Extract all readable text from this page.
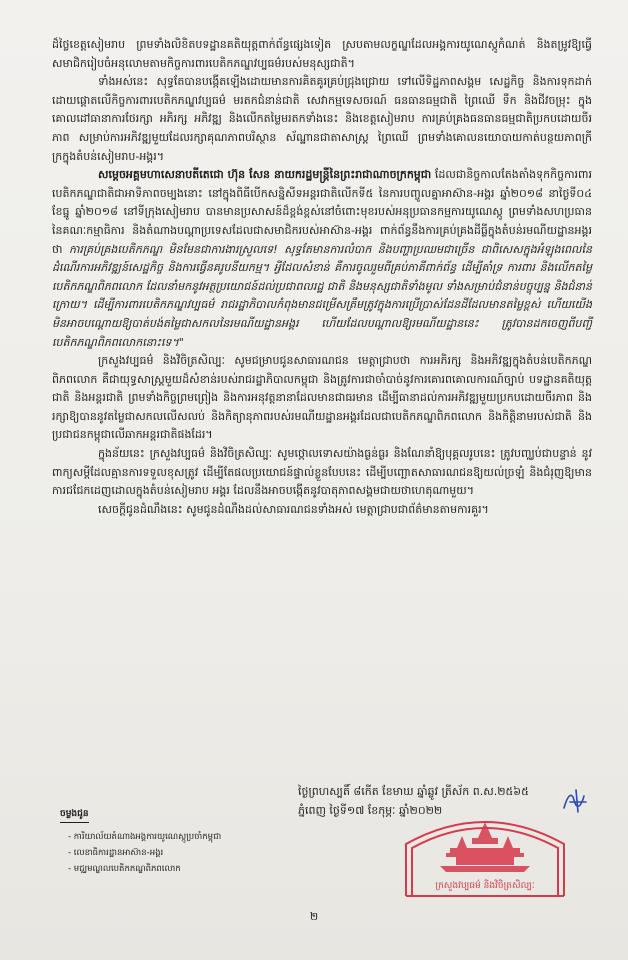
ដ៏ថ្លៃខេត្តសៀមរាប ព្រមទាំងលិខិតបទដ្ឋានគតិយុត្តពាក់ព័ន្ធផ្សេងទៀត ស្របតាមលក្ខណ្ឌដែលអង្គការយូណេស្កូកំណត់ និងតម្រូវឱ្យធ្វើសមាជិករៀបចំអនុលោមតាមកិច្ចការពារបេតិកភណ្ឌវប្បធម៌របស់មនុស្សជាតិ។

ទាំងអស់នេះ សុទ្ធតែបានបង្កើតឡើងដោយមានការគិតគូរគ្រប់ជ្រុងជ្រោយ ទៅលើទិដ្ឋភាពសង្គម សេដ្ឋកិច្ច និងការទុកដាក់ដោយផ្ដោតលើកិច្ចការពារបេតិកភណ្ឌវប្បធម៌ មរតកជំនាន់ជាតិ សេវាកម្មទេសចរណ៍ ធនធានធម្មជាតិ ព្រៃឈើ ទឹក និងជីវចម្រុះ ក្នុងគោលដៅធានាការថែរក្សា អភិរក្ស អភិវឌ្ឍ និងលើកតម្លៃមរតកទាំងនេះ និងខេត្តសៀមរាប ការគ្រប់គ្រងធនធានធម្មជាតិប្រកបដោយចីរភាព សម្រាប់ការអភិវឌ្ឍមួយដែលរក្សាគុណភាពបរិស្ថាន ស័ណ្ឋានជាតាសាស្ត្រ ព្រៃឈើ ព្រមទាំងគោលនយោបាយកាត់បន្ថយភាពក្រីក្រក្នុងតំបន់សៀមរាប-អង្គរ។

សម្ដេចអគ្គមហាសេនាបតីតេជោ ហ៊ុន សែន នាយករដ្ឋមន្ត្រីនៃព្រះរាជាណាចក្រកម្ពុជា ដែលជានិច្ចកាលតែងតាំងទុកកិច្ចការពារបេតិកភណ្ឌជាតិជាអាទិភាពចម្បងនោះ នៅក្នុងពិធីបើកសន្និសីទអន្តរជាតិលើកទី៥ នៃការបញ្ចូលគ្នាអាស៊ាន-អង្គរ ឆ្នាំ២០១៨ នាថ្ងៃទី០៤ ខែធ្នូ ឆ្នាំ២០១៨ នៅទីក្រុងសៀមរាប បានមានប្រសាសន៍ដ៏ខ្ពង់ខ្ពស់នៅចំពោះមុខរបស់អនុប្រធានកម្មការយូណេស្កូ ព្រមទាំងសហប្រធាននៃគណៈកម្មាធិការ និងតំណាងបណ្ដាប្រទេសដែលជាសមាជិករបស់អាស៊ាន-អង្គរ ពាក់ព័ន្ធនឹងការគ្រប់គ្រងដីធ្លីក្នុងតំបន់រមណីយដ្ឋានអង្គរ ថា ការគ្រប់គ្រងបេតិកភណ្ឌ មិនមែនជាការងារស្រួលទេ! សុទ្ធតែមានការលំបាក និងបញ្ហាប្រឈមជាច្រើន ជាពិសេសក្នុងអំឡុងពេលនៃដំណើរការអភិវឌ្ឍន៍សេដ្ឋកិច្ច និងការធ្វើនគរូបនីយកម្ម។ អ្វីដែលសំខាន់ គឺការចូលរួមពីគ្រប់ភាគីពាក់ព័ន្ធ ដើម្បីគាំទ្រ ការពារ និងលើកតម្លៃបេតិកភណ្ឌពិភពលោក ដែលនាំមកនូវអត្ថប្រយោជន៍ដល់ប្រជាពលរដ្ឋ ជាតិ និងមនុស្សជាតិទាំងមូល ទាំងសម្រាប់ជំនាន់បច្ចុប្បន្ន និងជំនាន់ក្រោយ។ ដើម្បីការពារបេតិកភណ្ឌវប្បធម៌ រាជរដ្ឋាភិបាលកំពុងមានជម្រើសត្រឹមត្រូវក្នុងការប្រើប្រាស់ដែនដីដែលមានតម្លៃខ្ពស់ ហើយយើងមិនអាចបណ្ដោយឱ្យបាត់បង់តម្លៃជាសកលនៃរមណីយដ្ឋានអង្គរ ហើយដែលបណ្ដាលឱ្យរមណីយដ្ឋាននេះ ត្រូវបានដកចេញពីបញ្ជីបេតិកភណ្ឌពិភពលោកនោះទេ។"

ក្រសួងវប្បធម៌ និងវិចិត្រសិល្បៈ សូមជម្រាបជូនសាធារណជន មេត្តាជ្រាបថា ការអភិរក្ស និងអភិវឌ្ឍក្នុងតំបន់បេតិកភណ្ឌពិភពលោក គឺជាយុទ្ធសាស្ត្រមួយដ៏សំខាន់របស់រាជរដ្ឋាភិបាលកម្ពុជា និងត្រូវការជាចាំបាច់នូវការគោរពគោលការណ៍ច្បាប់ បទដ្ឋានគតិយុត្តជាតិ និងអន្តរជាតិ ព្រមទាំងកិច្ចព្រមព្រៀង និងការអនុវត្តនានាដែលមានជាធរមាន ដើម្បីធានាដល់ការអភិវឌ្ឍមួយប្រកបដោយចីរភាព និងរក្សាឱ្យបាននូវតម្លៃជាសកលលើសលប់ និងកិត្យានុភាពរបស់រមណីយដ្ឋានអង្គរដែលជាបេតិកភណ្ឌពិភពលោក និងកិត្តិនាមរបស់ជាតិ និងប្រជាជនកម្ពុជាលើឆាកអន្តរជាតិផងដែរ។

ក្នុងន័យនេះ ក្រសួងវប្បធម៌ និងវិចិត្រសិល្បៈ សូមថ្កោលទោសយ៉ាងធ្ងន់ធ្ងរ និងណែនាំឱ្យបុគ្គលរូបនេះ ត្រូវបញ្ឈប់ជាបន្ទាន់ នូវពាក្យសម្ដីដែលគ្មានការទទួលខុសត្រូវ ដើម្បីតែផលប្រយោជន៍ផ្ទាល់ខ្លួនបែបនេះ ដើម្បីបញ្ឆោតសាធារណជនឱ្យយល់ច្រឡំ និងជំរុញឱ្យមានការជជែកដេញដោលក្នុងតំបន់សៀមរាប អង្គរ ដែលនឹងអាចបង្កើតនូវបាតុភាពសង្គមជាយថាហេតុណាមួយ។

សេចក្ដីជូនដំណឹងនេះ សូមជូនដំណឹងដល់សាធារណជនទាំងអស់ មេត្តាជ្រាបជាព័ត៌មានតាមការគួរ។

ថ្ងៃព្រហស្បតិ៍ ៨កើត ខែមាឃ ឆ្នាំឆ្លូវ ត្រីស័ក ព.ស.២៥៦៥
ភ្នំពេញ ថ្ងៃទី១៧ ខែកុម្ភៈ ឆ្នាំ២០២២
ក្រសួងវប្បធម៌ និងវិចិត្រសិល្បៈ
ចម្លងជូន
- ការិយាល័យតំណាងអង្គការយូណេស្កូប្រចាំកម្ពុជា
- លេខាធិការដ្ឋានអាស៊ាន-អង្គរ
- មជ្ឈមណ្ឌលបេតិកភណ្ឌពិភពលោក
២
